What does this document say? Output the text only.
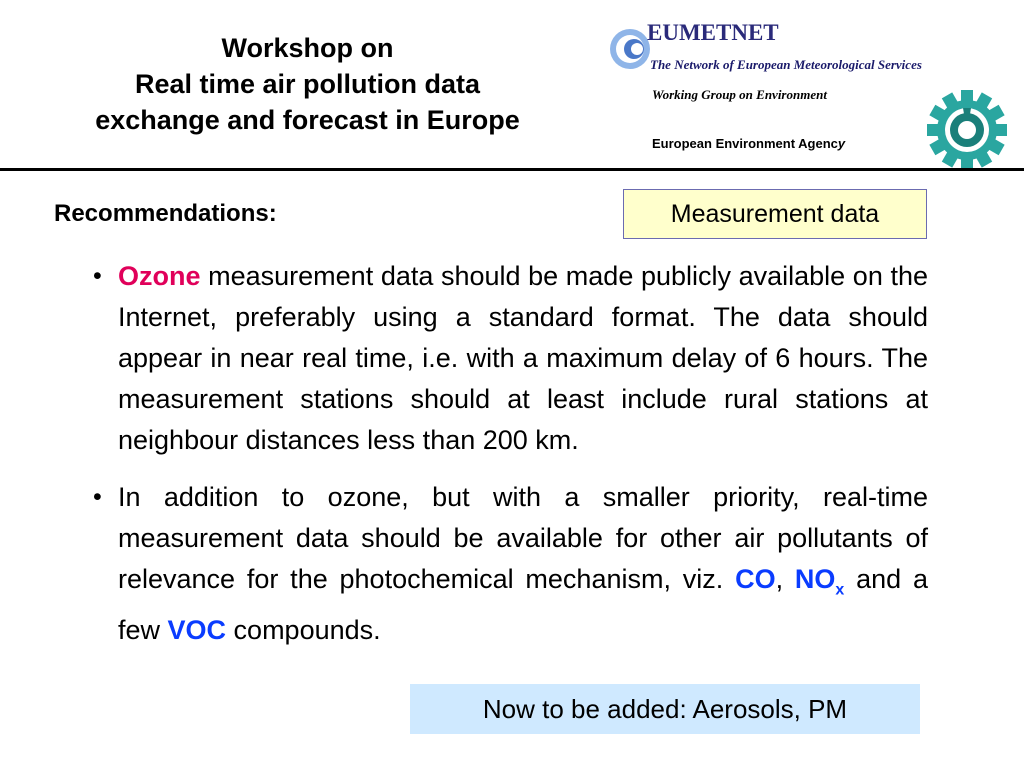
Workshop on
Real time air pollution data
exchange and forecast in Europe
EUMETNET
The Network of European Meteorological Services
Working Group on Environment
European Environment Agency
Recommendations:	Measurement data
• Ozone measurement data should be made publicly available on the Internet, preferably using a standard format. The data should appear in near real time, i.e. with a maximum delay of 6 hours. The measurement stations should at least include rural stations at neighbour distances less than 200 km.

• In addition to ozone, but with a smaller priority, real-time measurement data should be available for other air pollutants of relevance for the photochemical mechanism, viz. CO, $NO_x$ and a few VOC compounds.

Now to be added: Aerosols, PM
